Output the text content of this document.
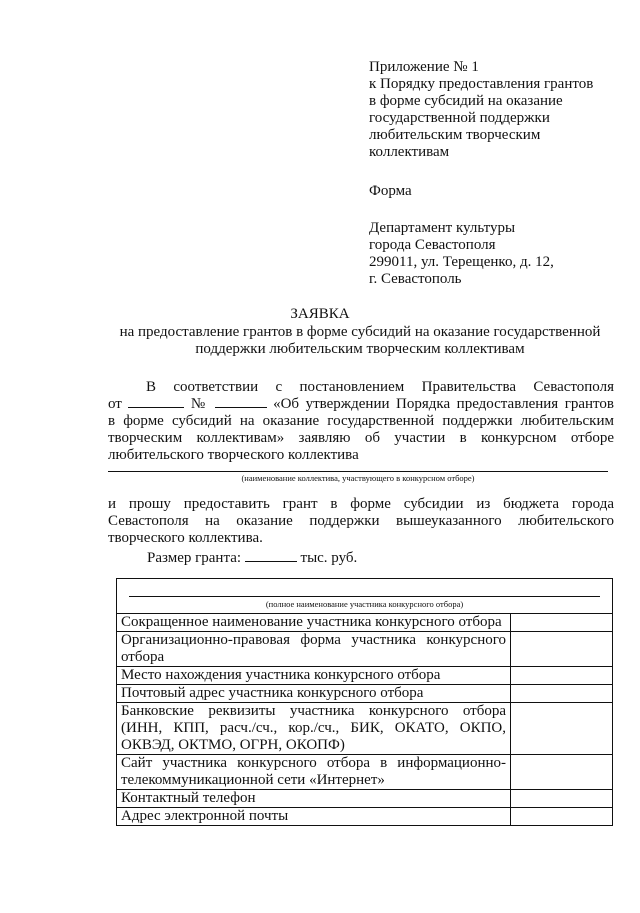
Приложение № 1
к Порядку предоставления грантов
в форме субсидий на оказание
государственной поддержки
любительским творческим
коллективам
Форма
Департамент культуры
города Севастополя
299011, ул. Терещенко, д. 12,
г. Севастополь
ЗАЯВКА
на предоставление грантов в форме субсидий на оказание государственной
поддержки любительским творческим коллективам
В соответствии с постановлением Правительства Севастополя
от	№	«Об утверждении Порядка предоставления грантов
в форме субсидий на оказание государственной поддержки любительским
творческим коллективам» заявляю об участии в конкурсном отборе
любительского творческого коллектива
(наименование коллектива, участвующего в конкурсном отборе)
и прошу предоставить грант в форме субсидии из бюджета города
Севастополя на оказание поддержки вышеуказанного любительского
творческого коллектива.
Размер гранта:	тыс. руб.
(полное наименование участника конкурсного отбора)	

Сокращенное наименование участника конкурсного отбора	
Организационно-правовая форма участника конкурсного отбора	
Место нахождения участника конкурсного отбора	
Почтовый адрес участника конкурсного отбора	
Банковские реквизиты участника конкурсного отбора (ИНН, КПП, расч./сч., кор./сч., БИК, ОКАТО, ОКПО, ОКВЭД, ОКТМО, ОГРН, ОКОПФ)	
Сайт участника конкурсного отбора в информационно-телекоммуникационной сети «Интернет»	
Контактный телефон	
Адрес электронной почты	
